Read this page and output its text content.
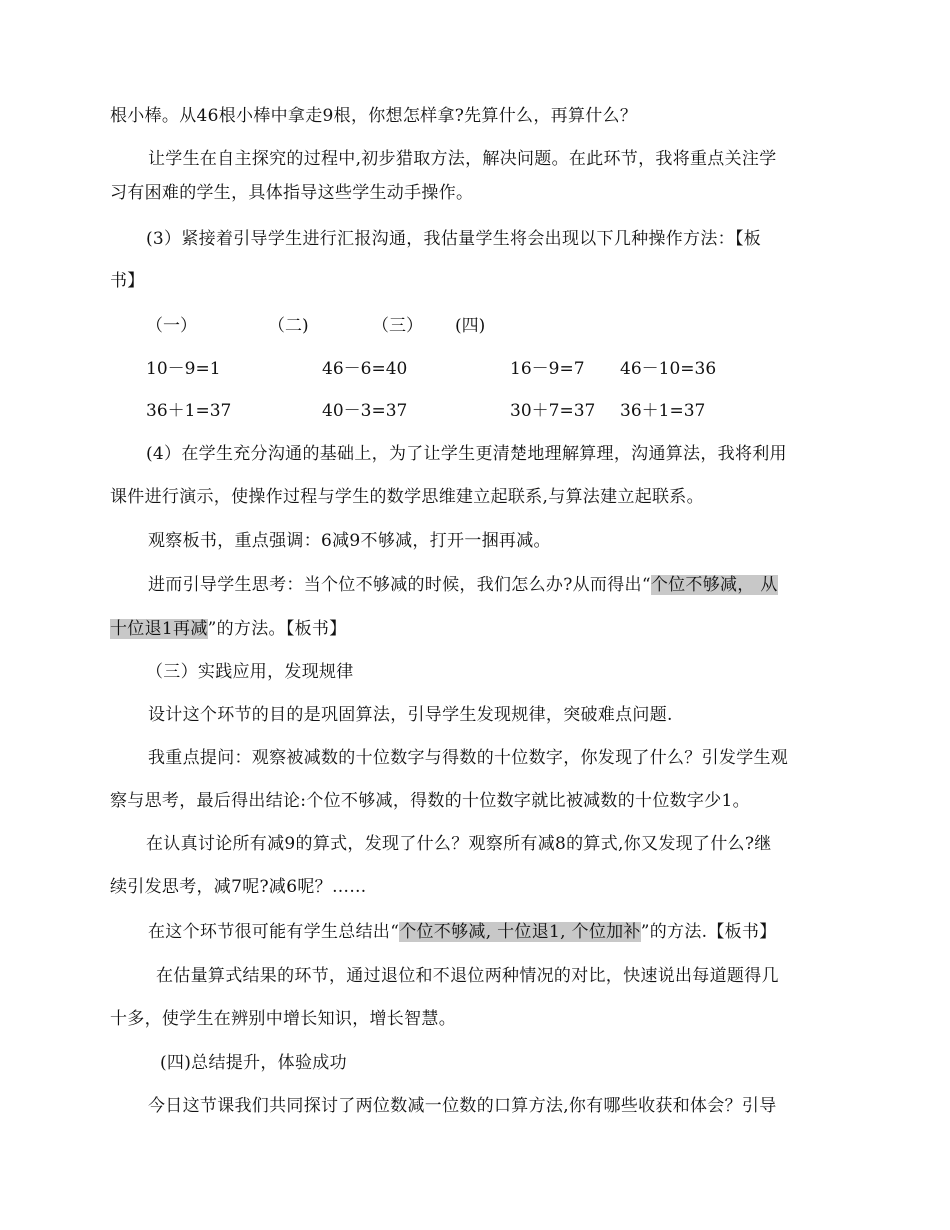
根小棒。从46根小棒中拿走9根，你想怎样拿?先算什么，再算什么？
让学生在自主探究的过程中,初步猎取方法，解决问题。在此环节，我将重点关注学
习有困难的学生，具体指导这些学生动手操作。
(3）紧接着引导学生进行汇报沟通，我估量学生将会出现以下几种操作方法：【板
书】
（一）	（二)	（三） (四)
10－9=1	46－6=40	16－9=7 46－10=36
36＋1=37	40－3=37	30＋7=37 36＋1=37
(4）在学生充分沟通的基础上，为了让学生更清楚地理解算理，沟通算法，我将利用
课件进行演示，使操作过程与学生的数学思维建立起联系,与算法建立起联系。
观察板书，重点强调：6减9不够减，打开一捆再减。
进而引导学生思考：当个位不够减的时候，我们怎么办?从而得出“个位不够减， 从
十位退1再减”的方法。【板书】
（三）实践应用，发现规律
设计这个环节的目的是巩固算法，引导学生发现规律，突破难点问题.
我重点提问：观察被减数的十位数字与得数的十位数字，你发现了什么？引发学生观
察与思考，最后得出结论:个位不够减，得数的十位数字就比被减数的十位数字少1。
在认真讨论所有减9的算式，发现了什么？观察所有减8的算式,你又发现了什么?继
续引发思考，减7呢?减6呢？……
在这个环节很可能有学生总结出“个位不够减, 十位退1, 个位加补”的方法.【板书】
在估量算式结果的环节，通过退位和不退位两种情况的对比，快速说出每道题得几
十多，使学生在辨别中增长知识，增长智慧。
(四)总结提升，体验成功
今日这节课我们共同探讨了两位数减一位数的口算方法,你有哪些收获和体会？引导
